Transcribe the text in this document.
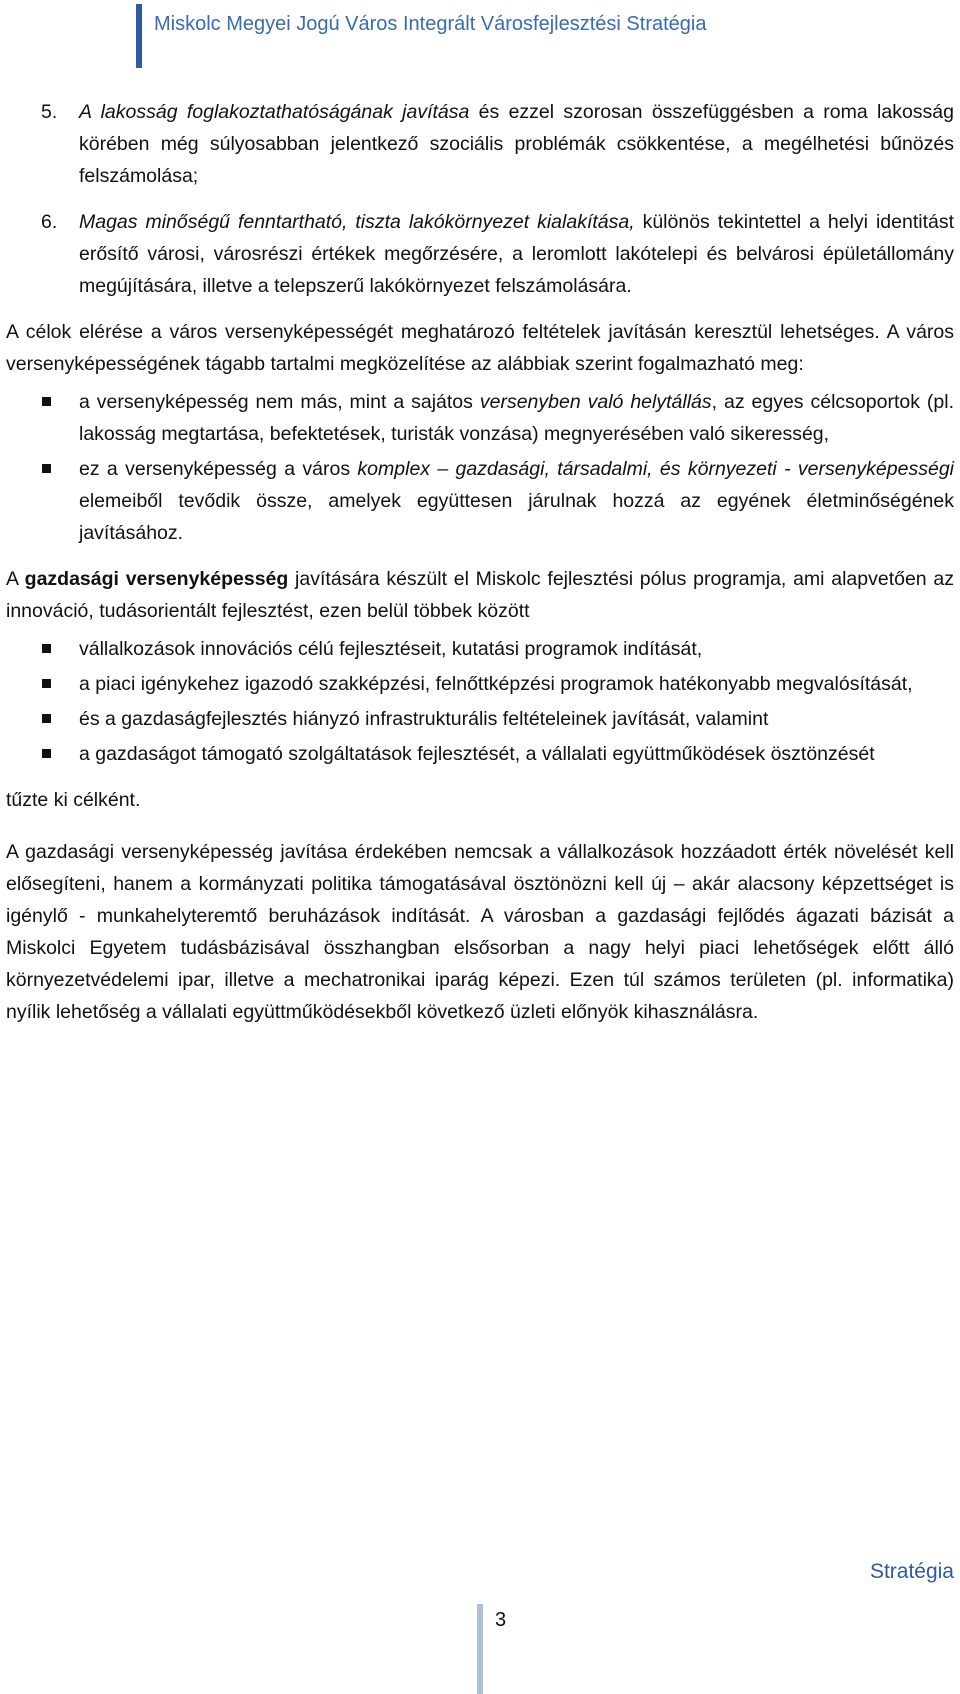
Miskolc Megyei Jogú Város Integrált Városfejlesztési Stratégia
5. A lakosság foglakoztathatóságának javítása és ezzel szorosan összefüggésben a roma lakosság körében még súlyosabban jelentkező szociális problémák csökkentése, a megélhetési bűnözés felszámolása;
6. Magas minőségű fenntartható, tiszta lakókörnyezet kialakítása, különös tekintettel a helyi identitást erősítő városi, városrészi értékek megőrzésére, a leromlott lakótelepi és belvárosi épületállomány megújítására, illetve a telepszerű lakókörnyezet felszámolására.

A célok elérése a város versenyképességét meghatározó feltételek javításán keresztül lehetséges. A város versenyképességének tágabb tartalmi megközelítése az alábbiak szerint fogalmazható meg:

a versenyképesség nem más, mint a sajátos versenyben való helytállás, az egyes célcsoportok (pl. lakosság megtartása, befektetések, turisták vonzása) megnyerésében való sikeresség,
ez a versenyképesség a város komplex – gazdasági, társadalmi, és környezeti - versenyképességi elemeiből tevődik össze, amelyek együttesen járulnak hozzá az egyének életminőségének javításához.

A gazdasági versenyképesség javítására készült el Miskolc fejlesztési pólus programja, ami alapvetően az innováció, tudásorientált fejlesztést, ezen belül többek között

vállalkozások innovációs célú fejlesztéseit, kutatási programok indítását,
a piaci igénykehez igazodó szakképzési, felnőttképzési programok hatékonyabb megvalósítását,
és a gazdaságfejlesztés hiányzó infrastrukturális feltételeinek javítását, valamint
a gazdaságot támogató szolgáltatások fejlesztését, a vállalati együttműködések ösztönzését

tűzte ki célként.

A gazdasági versenyképesség javítása érdekében nemcsak a vállalkozások hozzáadott érték növelését kell elősegíteni, hanem a kormányzati politika támogatásával ösztönözni kell új – akár alacsony képzettséget is igénylő - munkahelyteremtő beruházások indítását. A városban a gazdasági fejlődés ágazati bázisát a Miskolci Egyetem tudásbázisával összhangban elsősorban a nagy helyi piaci lehetőségek előtt álló környezetvédelemi ipar, illetve a mechatronikai iparág képezi. Ezen túl számos területen (pl. informatika) nyílik lehetőség a vállalati együttműködésekből következő üzleti előnyök kihasználásra.

Stratégia
3
